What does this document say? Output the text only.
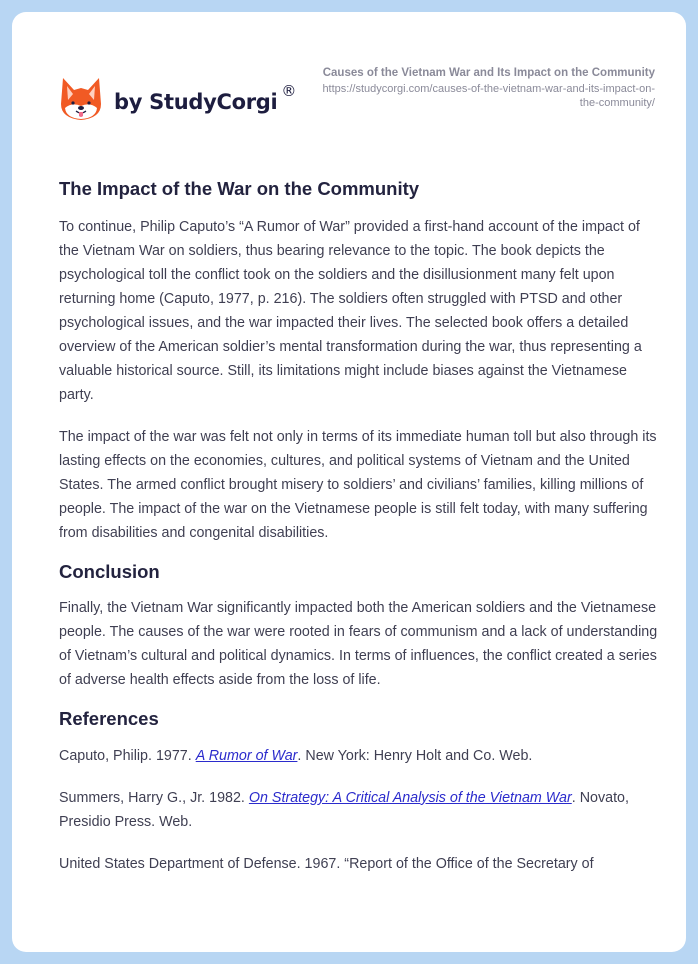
by StudyCorgi ®
Causes of the Vietnam War and Its Impact on the Community
https://studycorgi.com/causes-of-the-vietnam-war-and-its-impact-on-the-community/
The Impact of the War on the Community

To continue, Philip Caputo’s “A Rumor of War” provided a first-hand account of the impact of the Vietnam War on soldiers, thus bearing relevance to the topic. The book depicts the psychological toll the conflict took on the soldiers and the disillusionment many felt upon returning home (Caputo, 1977, p. 216). The soldiers often struggled with PTSD and other psychological issues, and the war impacted their lives. The selected book offers a detailed overview of the American soldier’s mental transformation during the war, thus representing a valuable historical source. Still, its limitations might include biases against the Vietnamese party.

The impact of the war was felt not only in terms of its immediate human toll but also through its lasting effects on the economies, cultures, and political systems of Vietnam and the United States. The armed conflict brought misery to soldiers’ and civilians’ families, killing millions of people. The impact of the war on the Vietnamese people is still felt today, with many suffering from disabilities and congenital disabilities.

Conclusion

Finally, the Vietnam War significantly impacted both the American soldiers and the Vietnamese people. The causes of the war were rooted in fears of communism and a lack of understanding of Vietnam’s cultural and political dynamics. In terms of influences, the conflict created a series of adverse health effects aside from the loss of life.

References

Caputo, Philip. 1977. A Rumor of War. New York: Henry Holt and Co. Web.

Summers, Harry G., Jr. 1982. On Strategy: A Critical Analysis of the Vietnam War. Novato, Presidio Press. Web.

United States Department of Defense. 1967. “Report of the Office of the Secretary of
